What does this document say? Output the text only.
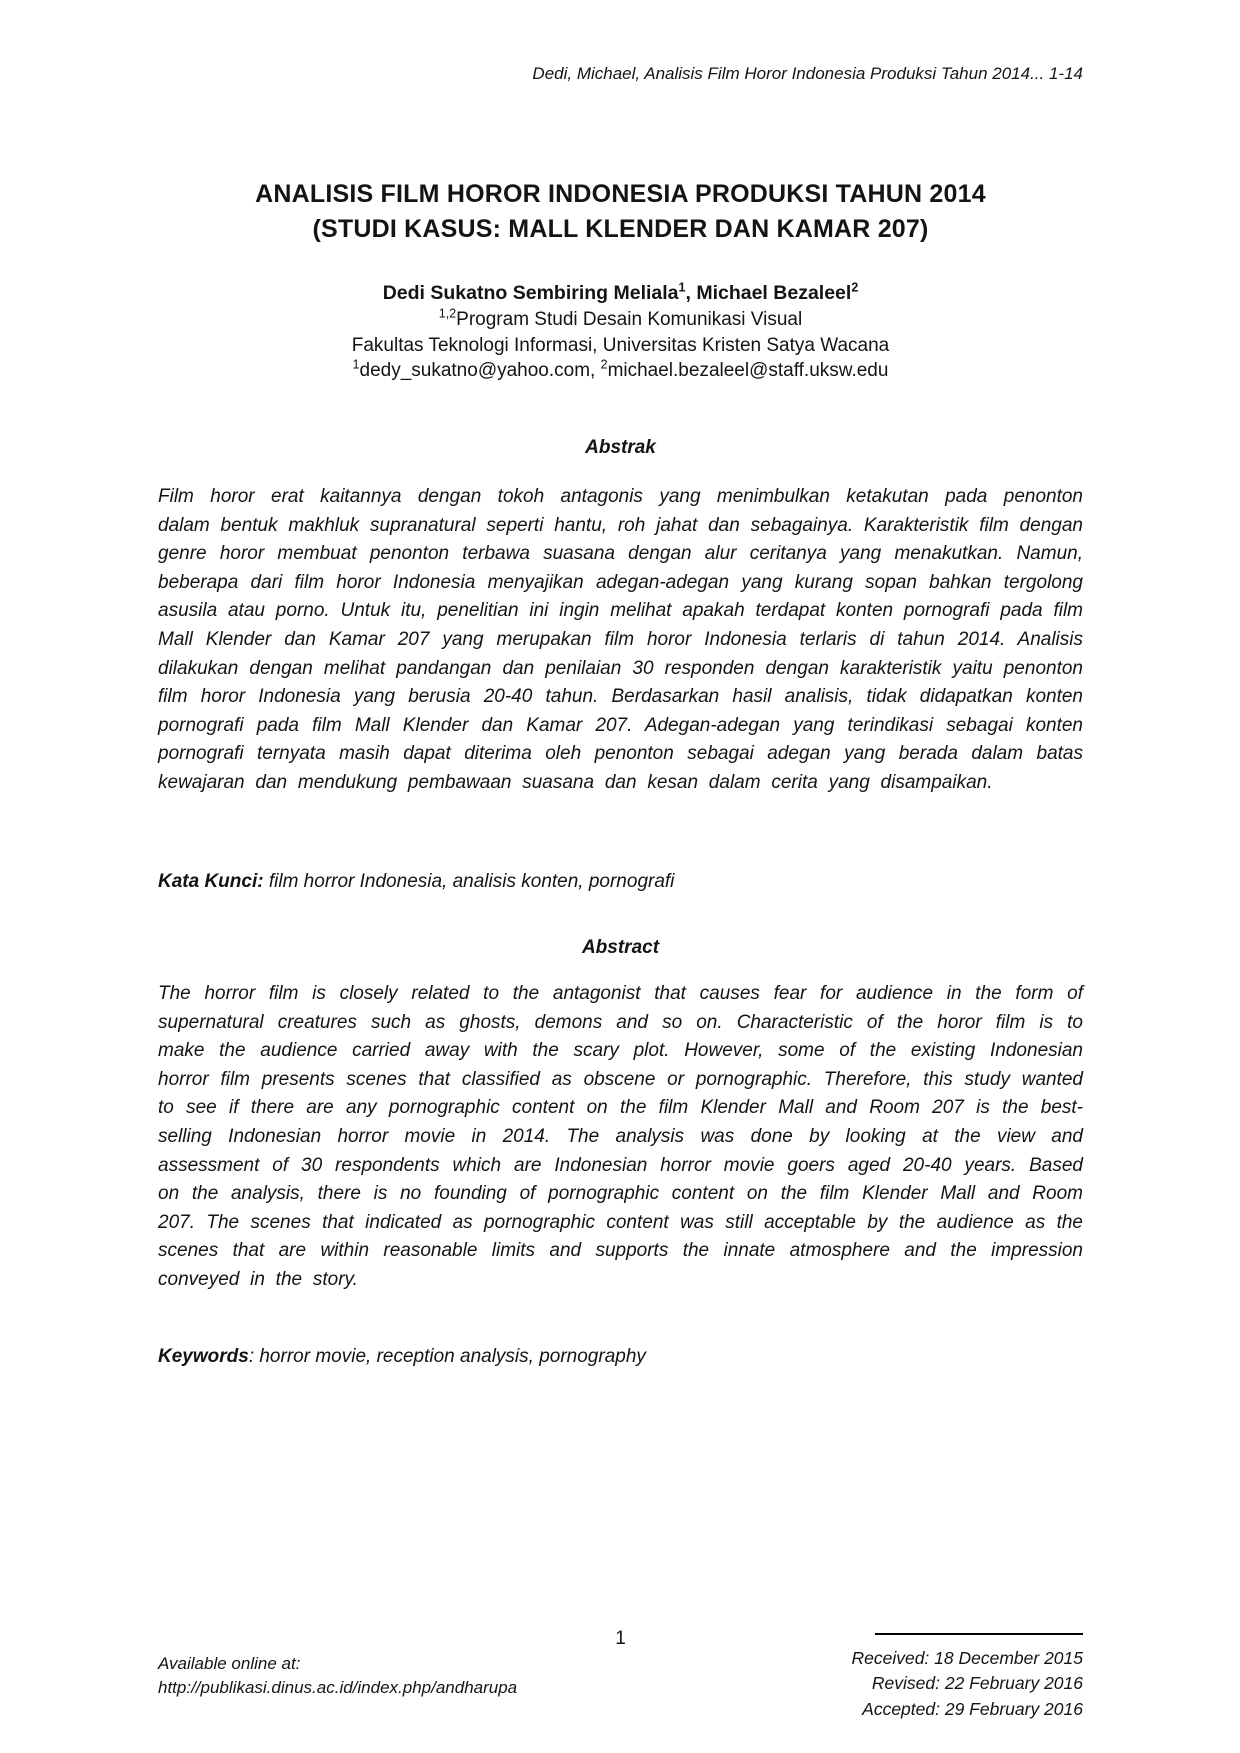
Dedi, Michael, Analisis Film Horor Indonesia Produksi Tahun 2014... 1-14
ANALISIS FILM HOROR INDONESIA PRODUKSI TAHUN 2014
(STUDI KASUS: MALL KLENDER DAN KAMAR 207)
Dedi Sukatno Sembiring Meliala$^1$, Michael Bezaleel$^2$
$^{1,2}$Program Studi Desain Komunikasi Visual
Fakultas Teknologi Informasi, Universitas Kristen Satya Wacana
$^1$dedy_sukatno@yahoo.com, $^2$michael.bezaleel@staff.uksw.edu
Abstrak

Film horor erat kaitannya dengan tokoh antagonis yang menimbulkan ketakutan pada penonton dalam bentuk makhluk supranatural seperti hantu, roh jahat dan sebagainya. Karakteristik film dengan genre horor membuat penonton terbawa suasana dengan alur ceritanya yang menakutkan. Namun, beberapa dari film horor Indonesia menyajikan adegan-adegan yang kurang sopan bahkan tergolong asusila atau porno. Untuk itu, penelitian ini ingin melihat apakah terdapat konten pornografi pada film Mall Klender dan Kamar 207 yang merupakan film horor Indonesia terlaris di tahun 2014. Analisis dilakukan dengan melihat pandangan dan penilaian 30 responden dengan karakteristik yaitu penonton film horor Indonesia yang berusia 20-40 tahun. Berdasarkan hasil analisis, tidak didapatkan konten pornografi pada film Mall Klender dan Kamar 207. Adegan-adegan yang terindikasi sebagai konten pornografi ternyata masih dapat diterima oleh penonton sebagai adegan yang berada dalam batas kewajaran dan mendukung pembawaan suasana dan kesan dalam cerita yang disampaikan.

Kata Kunci: film horror Indonesia, analisis konten, pornografi

Abstract

The horror film is closely related to the antagonist that causes fear for audience in the form of supernatural creatures such as ghosts, demons and so on. Characteristic of the horor film is to make the audience carried away with the scary plot. However, some of the existing Indonesian horror film presents scenes that classified as obscene or pornographic. Therefore, this study wanted to see if there are any pornographic content on the film Klender Mall and Room 207 is the best-selling Indonesian horror movie in 2014. The analysis was done by looking at the view and assessment of 30 respondents which are Indonesian horror movie goers aged 20-40 years. Based on the analysis, there is no founding of pornographic content on the film Klender Mall and Room 207. The scenes that indicated as pornographic content was still acceptable by the audience as the scenes that are within reasonable limits and supports the innate atmosphere and the impression conveyed in the story.

Keywords: horror movie, reception analysis, pornography

1
Available online at:
http://publikasi.dinus.ac.id/index.php/andharupa
Received: 18 December 2015
Revised: 22 February 2016
Accepted: 29 February 2016
